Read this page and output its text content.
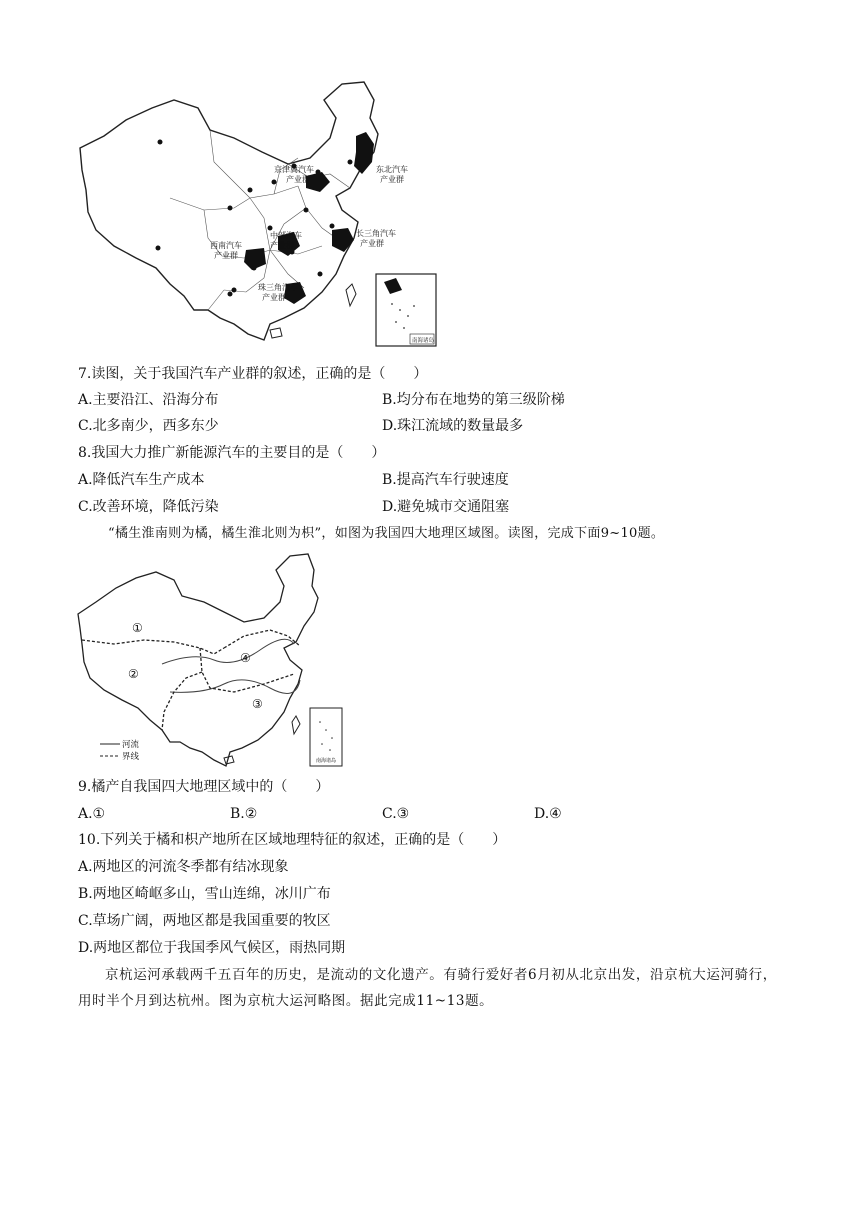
京津冀汽车
产业群
东北汽车
产业群
长三角汽车
产业群
中部汽车
产业群
西南汽车
产业群
珠三角汽车
产业群
南海诸岛
7.读图，关于我国汽车产业群的叙述，正确的是（　　）
A.主要沿江、沿海分布	B.均分布在地势的第三级阶梯
C.北多南少，西多东少	D.珠江流域的数量最多
8.我国大力推广新能源汽车的主要目的是（　　）
A.降低汽车生产成本	B.提高汽车行驶速度
C.改善环境，降低污染	D.避免城市交通阻塞
“橘生淮南则为橘，橘生淮北则为枳”，如图为我国四大地理区域图。读图，完成下面9~10题。
①
②
③
④
河流
界线	南海诸岛
9.橘产自我国四大地理区域中的（　　）
A.①	B.②	C.③	D.④
10.下列关于橘和枳产地所在区域地理特征的叙述，正确的是（　　）
A.两地区的河流冬季都有结冰现象
B.两地区崎岖多山，雪山连绵，冰川广布
C.草场广阔，两地区都是我国重要的牧区
D.两地区都位于我国季风气候区，雨热同期
京杭运河承载两千五百年的历史，是流动的文化遗产。有骑行爱好者6月初从北京出发，沿京杭大运河骑行，用时半个月到达杭州。图为京杭大运河略图。据此完成11~13题。
